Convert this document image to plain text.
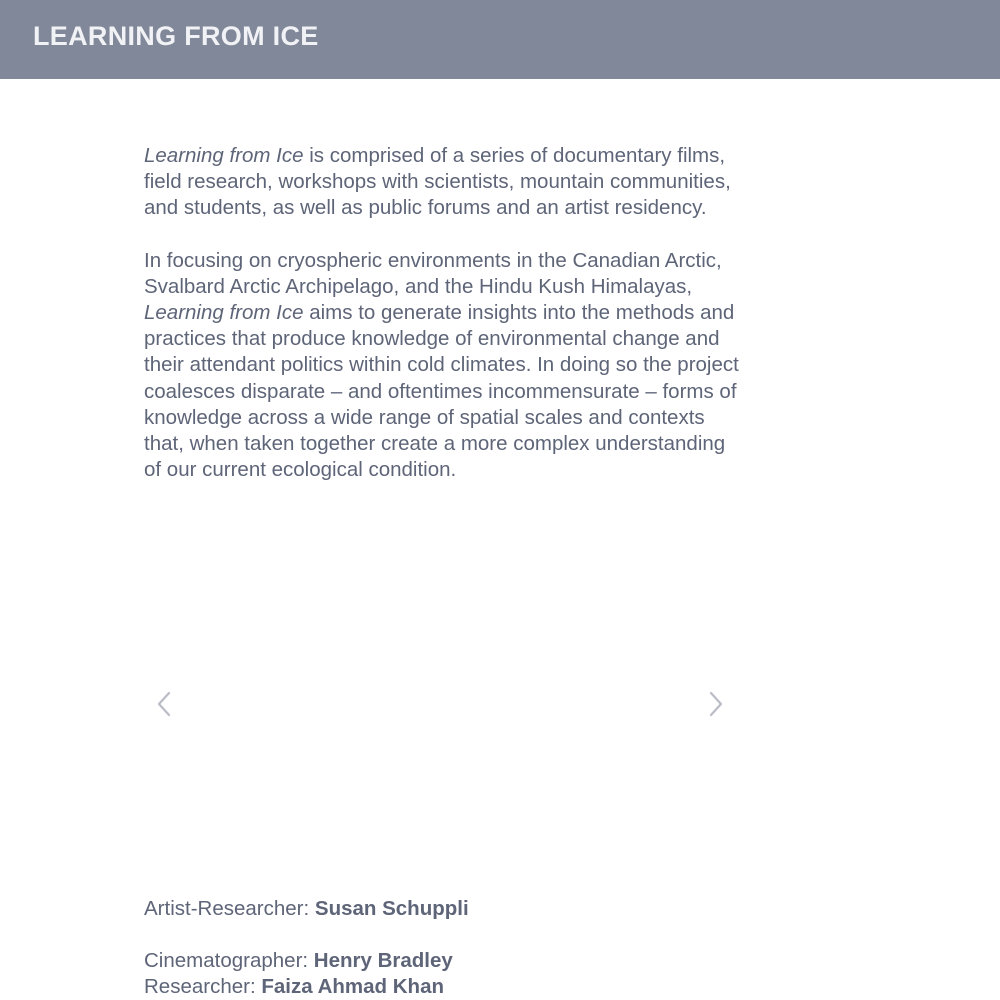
LEARNING FROM ICE

Learning from Ice is comprised of a series of documentary films, field research, workshops with scientists, mountain communities, and students, as well as public forums and an artist residency.

In focusing on cryospheric environments in the Canadian Arctic, Svalbard Arctic Archipelago, and the Hindu Kush Himalayas, Learning from Ice aims to generate insights into the methods and practices that produce knowledge of environmental change and their attendant politics within cold climates. In doing so the project coalesces disparate – and oftentimes incommensurate – forms of knowledge across a wide range of spatial scales and contexts that, when taken together create a more complex understanding of our current ecological condition.

Artist-Researcher: Susan Schuppli

Cinematographer: Henry Bradley

Researcher: Faiza Ahmad Khan
